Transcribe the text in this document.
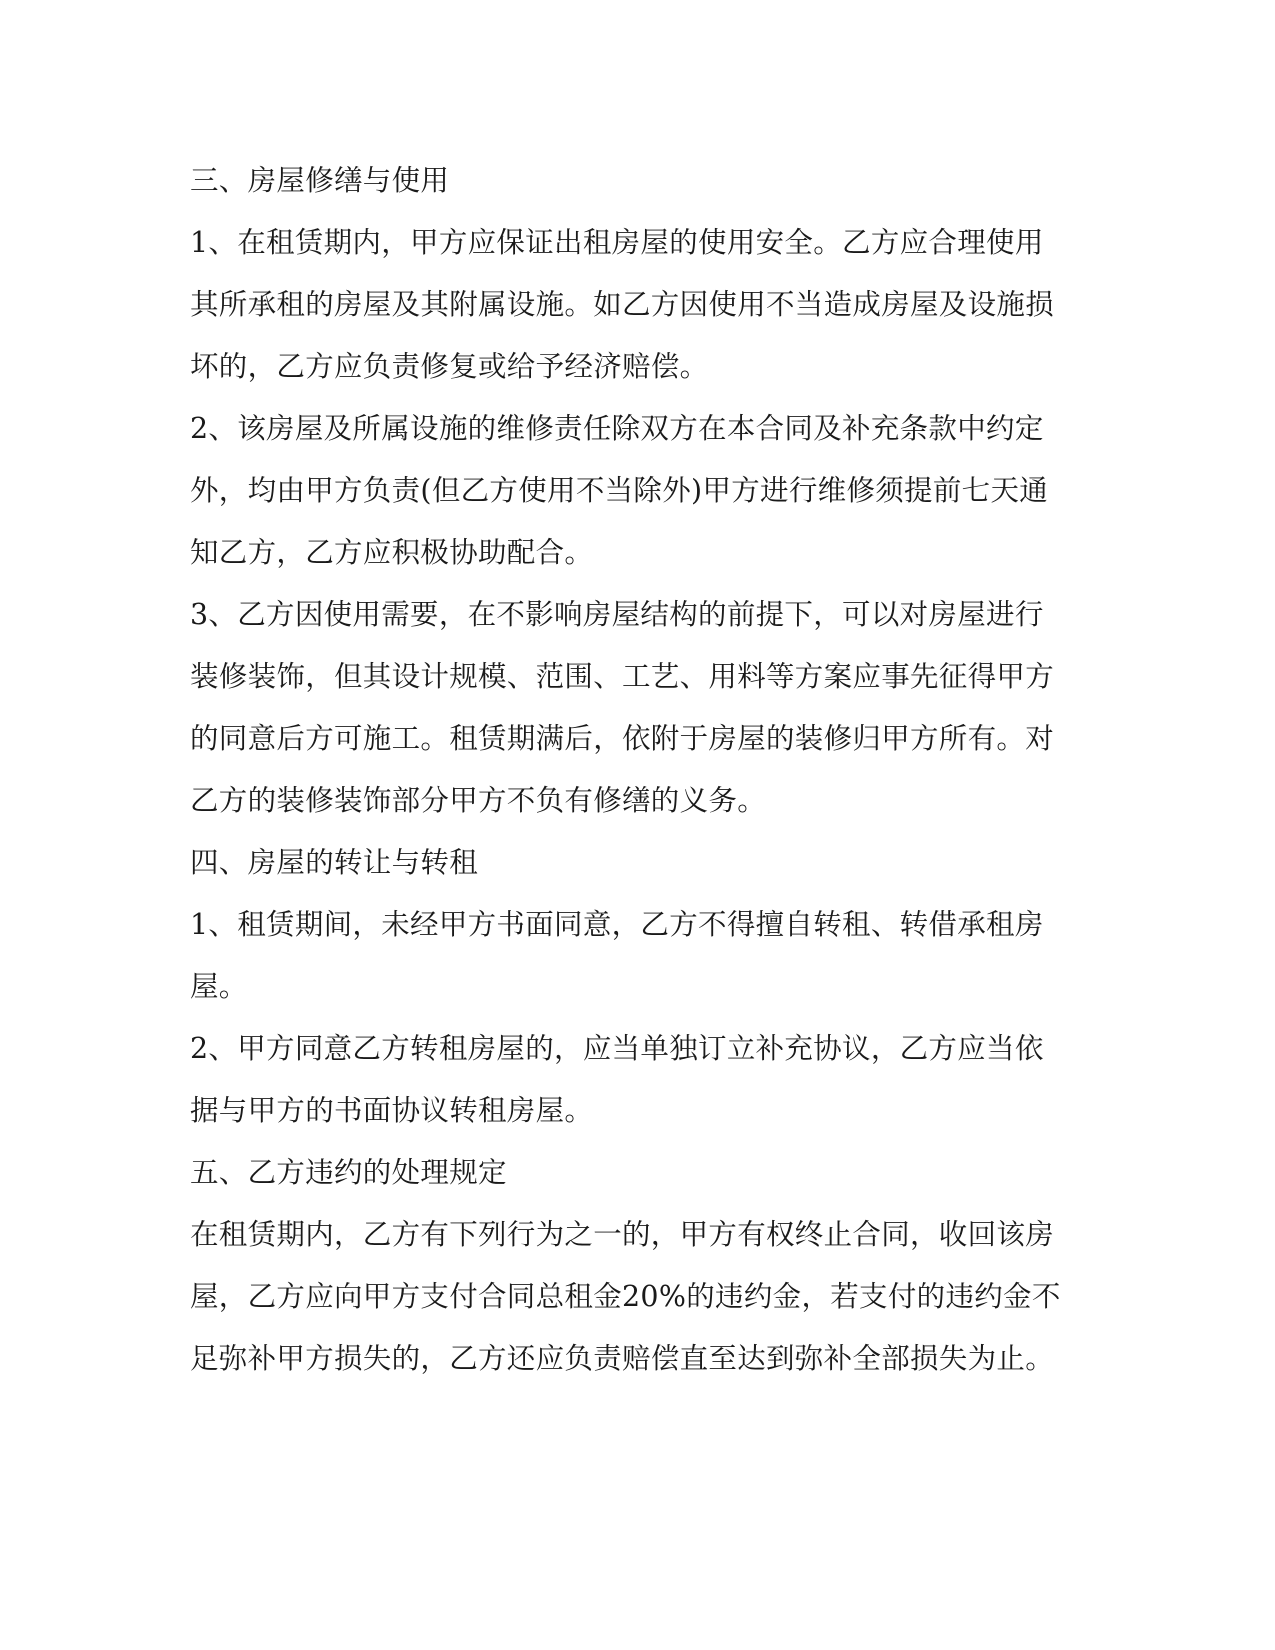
三、房屋修缮与使用
1、在租赁期内，甲方应保证出租房屋的使用安全。乙方应合理使用
其所承租的房屋及其附属设施。如乙方因使用不当造成房屋及设施损
坏的，乙方应负责修复或给予经济赔偿。
2、该房屋及所属设施的维修责任除双方在本合同及补充条款中约定
外，均由甲方负责(但乙方使用不当除外)甲方进行维修须提前七天通
知乙方，乙方应积极协助配合。
3、乙方因使用需要，在不影响房屋结构的前提下，可以对房屋进行
装修装饰，但其设计规模、范围、工艺、用料等方案应事先征得甲方
的同意后方可施工。租赁期满后，依附于房屋的装修归甲方所有。对
乙方的装修装饰部分甲方不负有修缮的义务。
四、房屋的转让与转租
1、租赁期间，未经甲方书面同意，乙方不得擅自转租、转借承租房
屋。
2、甲方同意乙方转租房屋的，应当单独订立补充协议，乙方应当依
据与甲方的书面协议转租房屋。
五、乙方违约的处理规定
在租赁期内，乙方有下列行为之一的，甲方有权终止合同，收回该房
屋，乙方应向甲方支付合同总租金20%的违约金，若支付的违约金不
足弥补甲方损失的，乙方还应负责赔偿直至达到弥补全部损失为止。
